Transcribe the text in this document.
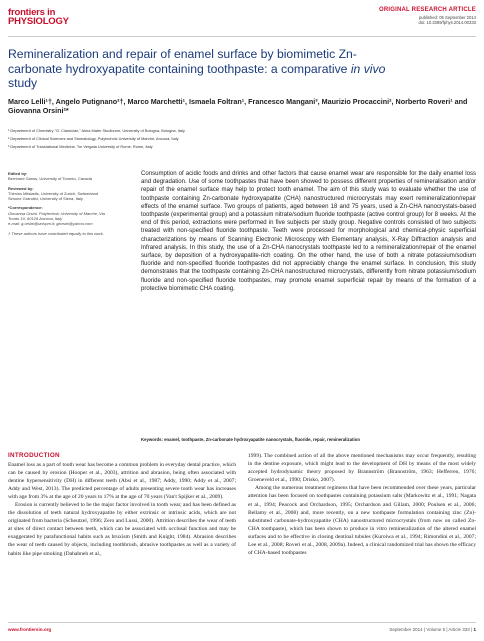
frontiers in
PHYSIOLOGY
ORIGINAL RESEARCH ARTICLE
published: 05 September 2014
doi: 10.3389/fphys.2014.00333
Remineralization and repair of enamel surface by biomimetic Zn-carbonate hydroxyapatite containing toothpaste: a comparative in vivo study
Marco Lelli¹†, Angelo Putignano²†, Marco Marchetti¹, Ismaela Foltran¹, Francesco Mangani³, Maurizio Procaccini², Norberto Roveri¹ and Giovanna Orsini²*
¹ Department of Chemistry “G. Ciamician,” Alma Mater Studiorum, University of Bologna, Bologna, Italy
² Department of Clinical Sciences and Stomatology, Polytechnic University of Marche, Ancona, Italy
³ Department of Translational Medicine, Tor Vergata University of Rome, Rome, Italy
Edited by:
Bernhard Ganss, University of Toronto, Canada
Reviewed by:
Thimios Mitsiadis, University of Zurich, Switzerland
Simone Grandini, University of Siena, Italy
*Correspondence:
Giovanna Orsini, Polytechnic University of Marche, Via Tronto 10, 60126 Ancona, Italy
e-mail: g.orsini@univpm.it; giorsini@yahoo.com
† These authors have contributed equally to this work.
Consumption of acidic foods and drinks and other factors that cause enamel wear are responsible for the daily enamel loss and degradation. Use of some toothpastes that have been showed to possess different properties of remineralisation and/or repair of the enamel surface may help to protect tooth enamel. The aim of this study was to evaluate whether the use of toothpaste containing Zn-carbonate hydroxyapatite (CHA) nanostructured microcrystals may exert remineralization/repair effects of the enamel surface. Two groups of patients, aged between 18 and 75 years, used a Zn-CHA nanocrystals-based toothpaste (experimental group) and a potassium nitrate/sodium fluoride toothpaste (active control group) for 8 weeks. At the end of this period, extractions were performed in five subjects per study group. Negative controls consisted of two subjects treated with non-specified fluoride toothpaste. Teeth were processed for morphological and chemical-physic superficial characterizations by means of Scanning Electronic Microscopy with Elementary analysis, X-Ray Diffraction analysis and Infrared analysis. In this study, the use of a Zn-CHA nanocrystals toothpaste led to a remineralization/repair of the enamel surface, by deposition of a hydroxyapatite-rich coating. On the other hand, the use of both a nitrate potassium/sodium fluoride and non-specified fluoride toothpastes did not appreciably change the enamel surface. In conclusion, this study demonstrates that the toothpaste containing Zn-CHA nanostructured microcrystals, differently from nitrate potassium/sodium fluoride and non-specified fluoride toothpastes, may promote enamel superficial repair by means of the formation of a protective biomimetic CHA coating.
Keywords: enamel, toothpaste, Zn-carbonate hydroxyapatite nanocrystals, fluoride, repair, remineralization
INTRODUCTION

Enamel loss as a part of tooth wear has become a common problem in everyday dental practice, which can be caused by erosion (Hooper et al., 2003), attrition and abrasion, being often associated with dentine hypersensitivity (DH) in different teeth (Absi et al., 1987; Addy, 1990; Addy et al., 2007; Addy and West, 2013). The predicted percentage of adults presenting severe tooth wear has increases with age from 3% at the age of 20 years to 17% at the age of 70 years (Van't Spijker et al., 2009).

Erosion is currently believed to be the major factor involved in tooth wear, and has been defined as the dissolution of teeth natural hydroxyapatite by either extrinsic or intrinsic acids, which are not originated from bacteria (Scheutzel, 1996; Zero and Lussi, 2000). Attrition describes the wear of teeth at sites of direct contact between teeth, which can be associated with occlusal function and may be exaggerated by parafunctional habits such as bruxism (Smith and Knight, 1984). Abrasion describes the wear of teeth caused by objects, including toothbrush, abrasive toothpastes as well as a variety of habits like pipe smoking (Dahabneh et al.,

1999). The combined action of all the above mentioned mechanisms may occur frequently, resulting in the dentine exposure, which might lead to the development of DH by means of the most widely accepted hydrodynamic theory proposed by Brannström (Brannström, 1963; Hefferren, 1976; Groeneveld et al., 1990; Drisko, 2007).

Among the numerous treatment regimens that have been recommended over these years, particular attention has been focused on toothpastes containing potassium salts (Markowitz et al., 1991; Nagata et al., 1994; Peacock and Orchardson, 1995; Orchardson and Gillam, 2000; Poulsen et al., 2006; Bellamy et al., 2008) and, more recently, on a new toothpaste formulation containing zinc (Zn)-substituted carbonate-hydroxyapatite (CHA) nanostructured microcrystals (from now on called Zn-CHA toothpaste), which has been shown to produce in vitro remineralization of the altered enamel surfaces and to be effective in closing dentinal tubules (Kuroiwa et al., 1994; Rimondini et al., 2007; Lee et al., 2008; Roveri et al., 2008, 2009a). Indeed, a clinical randomized trial has shown the efficacy of CHA-based toothpastes

www.frontiersin.org	September 2014 | Volume 5 | Article 333 | 1
